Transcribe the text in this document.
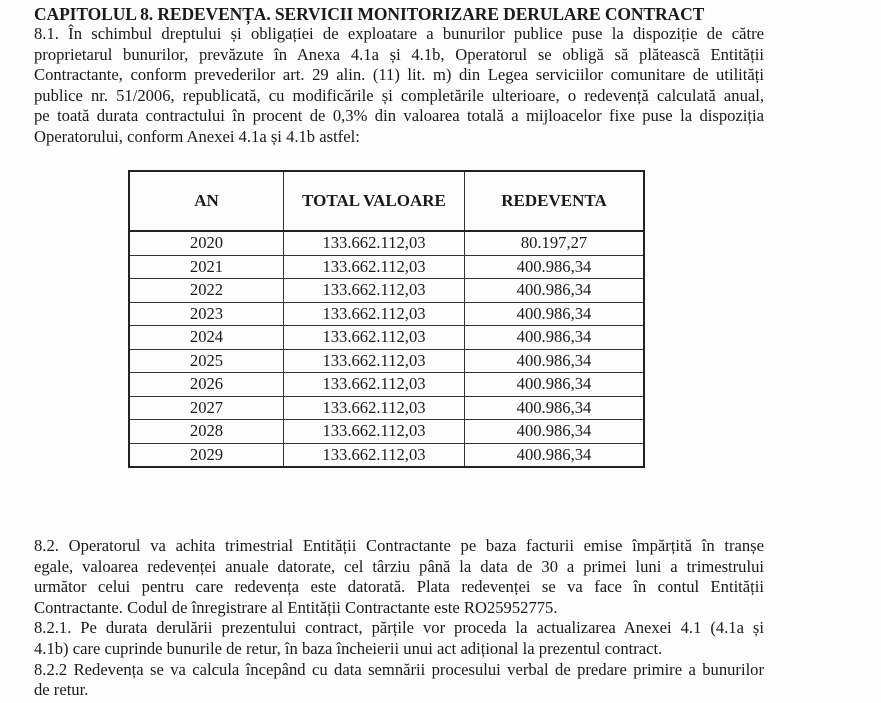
CAPITOLUL 8. REDEVENȚA. SERVICII MONITORIZARE DERULARE CONTRACT
8.1. În schimbul dreptului și obligației de exploatare a bunurilor publice puse la dispoziție de către
proprietarul bunurilor, prevăzute în Anexa 4.1a și 4.1b, Operatorul se obligă să plătească Entității
Contractante, conform prevederilor art. 29 alin. (11) lit. m) din Legea serviciilor comunitare de utilități
publice nr. 51/2006, republicată, cu modificările și completările ulterioare, o redevență calculată anual,
pe toată durata contractului în procent de 0,3% din valoarea totală a mijloacelor fixe puse la dispoziția
Operatorului, conform Anexei 4.1a și 4.1b astfel:
AN	TOTAL VALOARE	REDEVENTA
2020	133.662.112,03	80.197,27
2021	133.662.112,03	400.986,34
2022	133.662.112,03	400.986,34
2023	133.662.112,03	400.986,34
2024	133.662.112,03	400.986,34
2025	133.662.112,03	400.986,34
2026	133.662.112,03	400.986,34
2027	133.662.112,03	400.986,34
2028	133.662.112,03	400.986,34
2029	133.662.112,03	400.986,34
8.2. Operatorul va achita trimestrial Entității Contractante pe baza facturii emise împărțită în tranșe
egale, valoarea redevenței anuale datorate, cel târziu până la data de 30 a primei luni a trimestrului
următor celui pentru care redevența este datorată. Plata redevenței se va face în contul Entității
Contractante. Codul de înregistrare al Entității Contractante este RO25952775.
8.2.1. Pe durata derulării prezentului contract, părțile vor proceda la actualizarea Anexei 4.1 (4.1a și
4.1b) care cuprinde bunurile de retur, în baza încheierii unui act adițional la prezentul contract.
8.2.2 Redevența se va calcula începând cu data semnării procesului verbal de predare primire a bunurilor
de retur.
